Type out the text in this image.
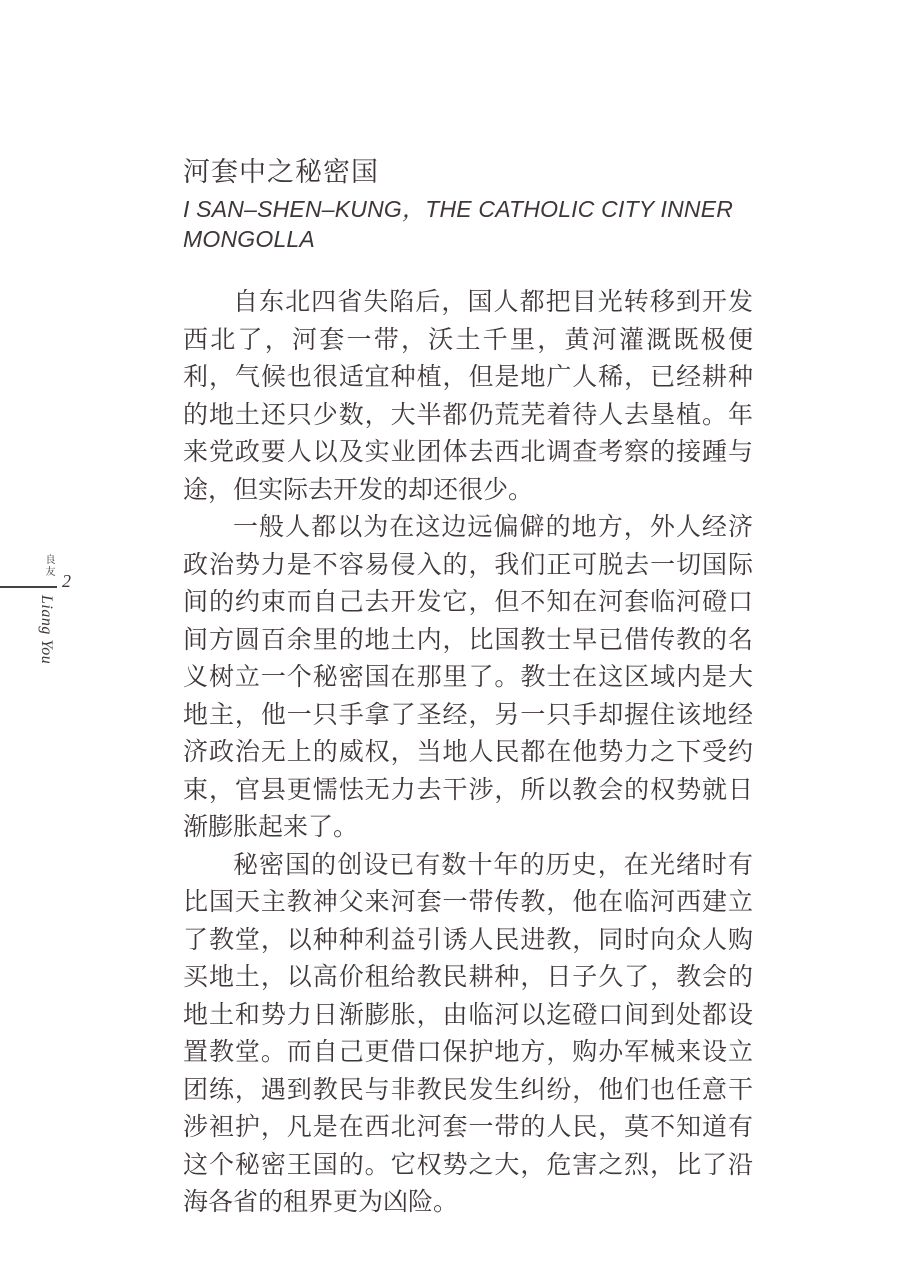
良友
2
Liang You
河套中之秘密国
I SAN–SHEN–KUNG，THE CATHOLIC CITY INNER
MONGOLLA

自东北四省失陷后，国人都把目光转移到开发西北了，河套一带，沃土千里，黄河灌溉既极便利，气候也很适宜种植，但是地广人稀，已经耕种的地土还只少数，大半都仍荒芜着待人去垦植。年来党政要人以及实业团体去西北调查考察的接踵与途，但实际去开发的却还很少。

一般人都以为在这边远偏僻的地方，外人经济政治势力是不容易侵入的，我们正可脱去一切国际间的约束而自己去开发它，但不知在河套临河磴口间方圆百余里的地土内，比国教士早已借传教的名义树立一个秘密国在那里了。教士在这区域内是大地主，他一只手拿了圣经，另一只手却握住该地经济政治无上的威权，当地人民都在他势力之下受约束，官县更懦怯无力去干涉，所以教会的权势就日渐膨胀起来了。

秘密国的创设已有数十年的历史，在光绪时有比国天主教神父来河套一带传教，他在临河西建立了教堂，以种种利益引诱人民进教，同时向众人购买地土，以高价租给教民耕种，日子久了，教会的地土和势力日渐膨胀，由临河以迄磴口间到处都设置教堂。而自己更借口保护地方，购办军械来设立团练，遇到教民与非教民发生纠纷，他们也任意干涉袒护，凡是在西北河套一带的人民，莫不知道有这个秘密王国的。它权势之大，危害之烈，比了沿海各省的租界更为凶险。
